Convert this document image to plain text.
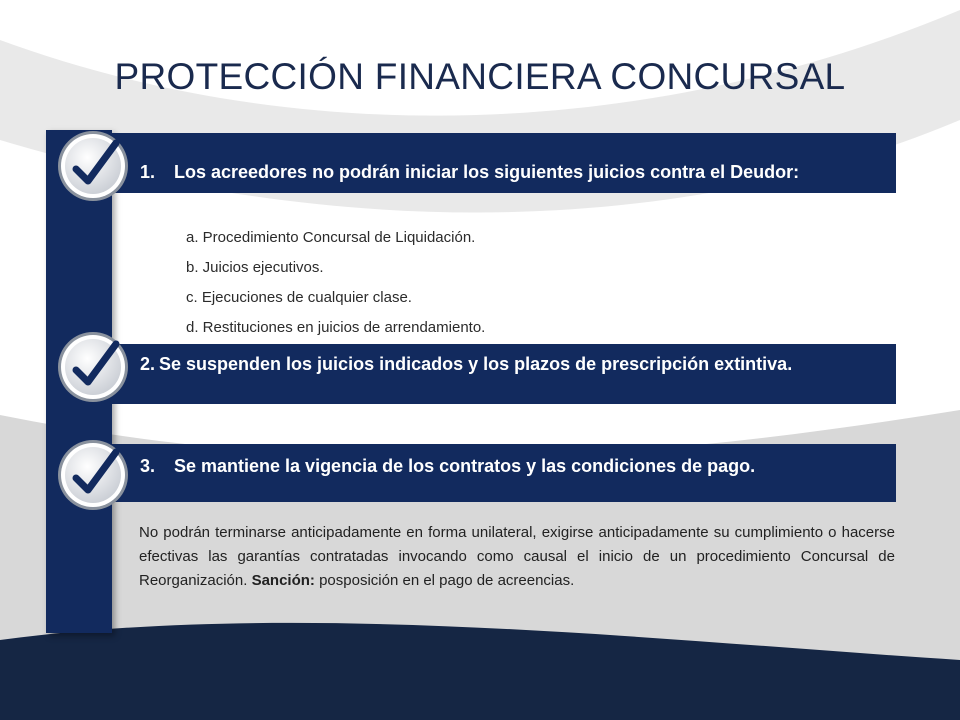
PROTECCIÓN FINANCIERA CONCURSAL
1. Los acreedores no podrán iniciar los siguientes juicios contra el Deudor:
a. Procedimiento Concursal de Liquidación.
b. Juicios ejecutivos.
c. Ejecuciones de cualquier clase.
d. Restituciones en juicios de arrendamiento.
2. Se suspenden los juicios indicados y los plazos de prescripción extintiva.
3. Se mantiene la vigencia de los contratos y las condiciones de pago.
No podrán terminarse anticipadamente en forma unilateral, exigirse anticipadamente su cumplimiento o hacerse efectivas las garantías contratadas invocando como causal el inicio de un procedimiento Concursal de Reorganización. Sanción: posposición en el pago de acreencias.
